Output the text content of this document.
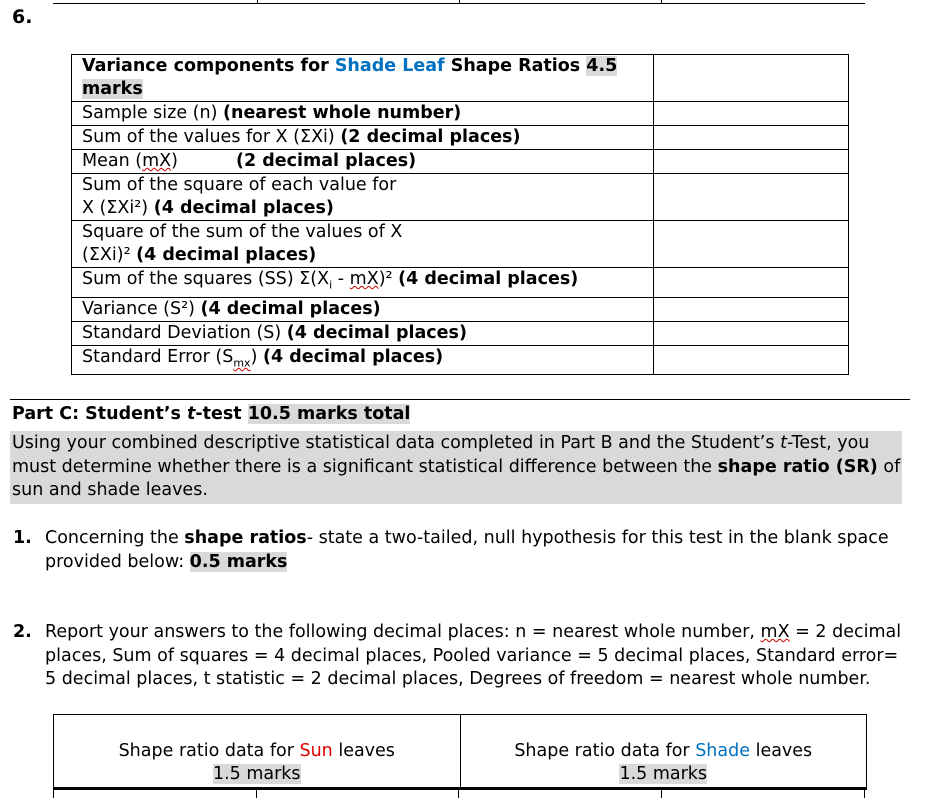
6.
Variance components for Shade Leaf Shape Ratios 4.5 marks	
Sample size (n) (nearest whole number)	
Sum of the values for X (ΣXi) (2 decimal places)	
Mean (mX) (2 decimal places)	
Sum of the square of each value for X (ΣXi²) (4 decimal places)	
Square of the sum of the values of X (ΣXi)² (4 decimal places)	
Sum of the squares (SS) $\Sigma(X_i - mX)^2$ (4 decimal places)	
Variance (S²) (4 decimal places)	
Standard Deviation (S) (4 decimal places)	
Standard Error $(S_{mx})$ (4 decimal places)	
Part C: Student’s t-test 10.5 marks total
Using your combined descriptive statistical data completed in Part B and the Student’s t-Test, you must determine whether there is a significant statistical difference between the shape ratio (SR) of sun and shade leaves.
1. Concerning the shape ratios- state a two-tailed, null hypothesis for this test in the blank space provided below: 0.5 marks
2. Report your answers to the following decimal places: n = nearest whole number, mX = 2 decimal places, Sum of squares = 4 decimal places, Pooled variance = 5 decimal places, Standard error= 5 decimal places, t statistic = 2 decimal places, Degrees of freedom = nearest whole number.
Shape ratio data for Sun leaves
1.5 marks
Shape ratio data for Shade leaves
1.5 marks
